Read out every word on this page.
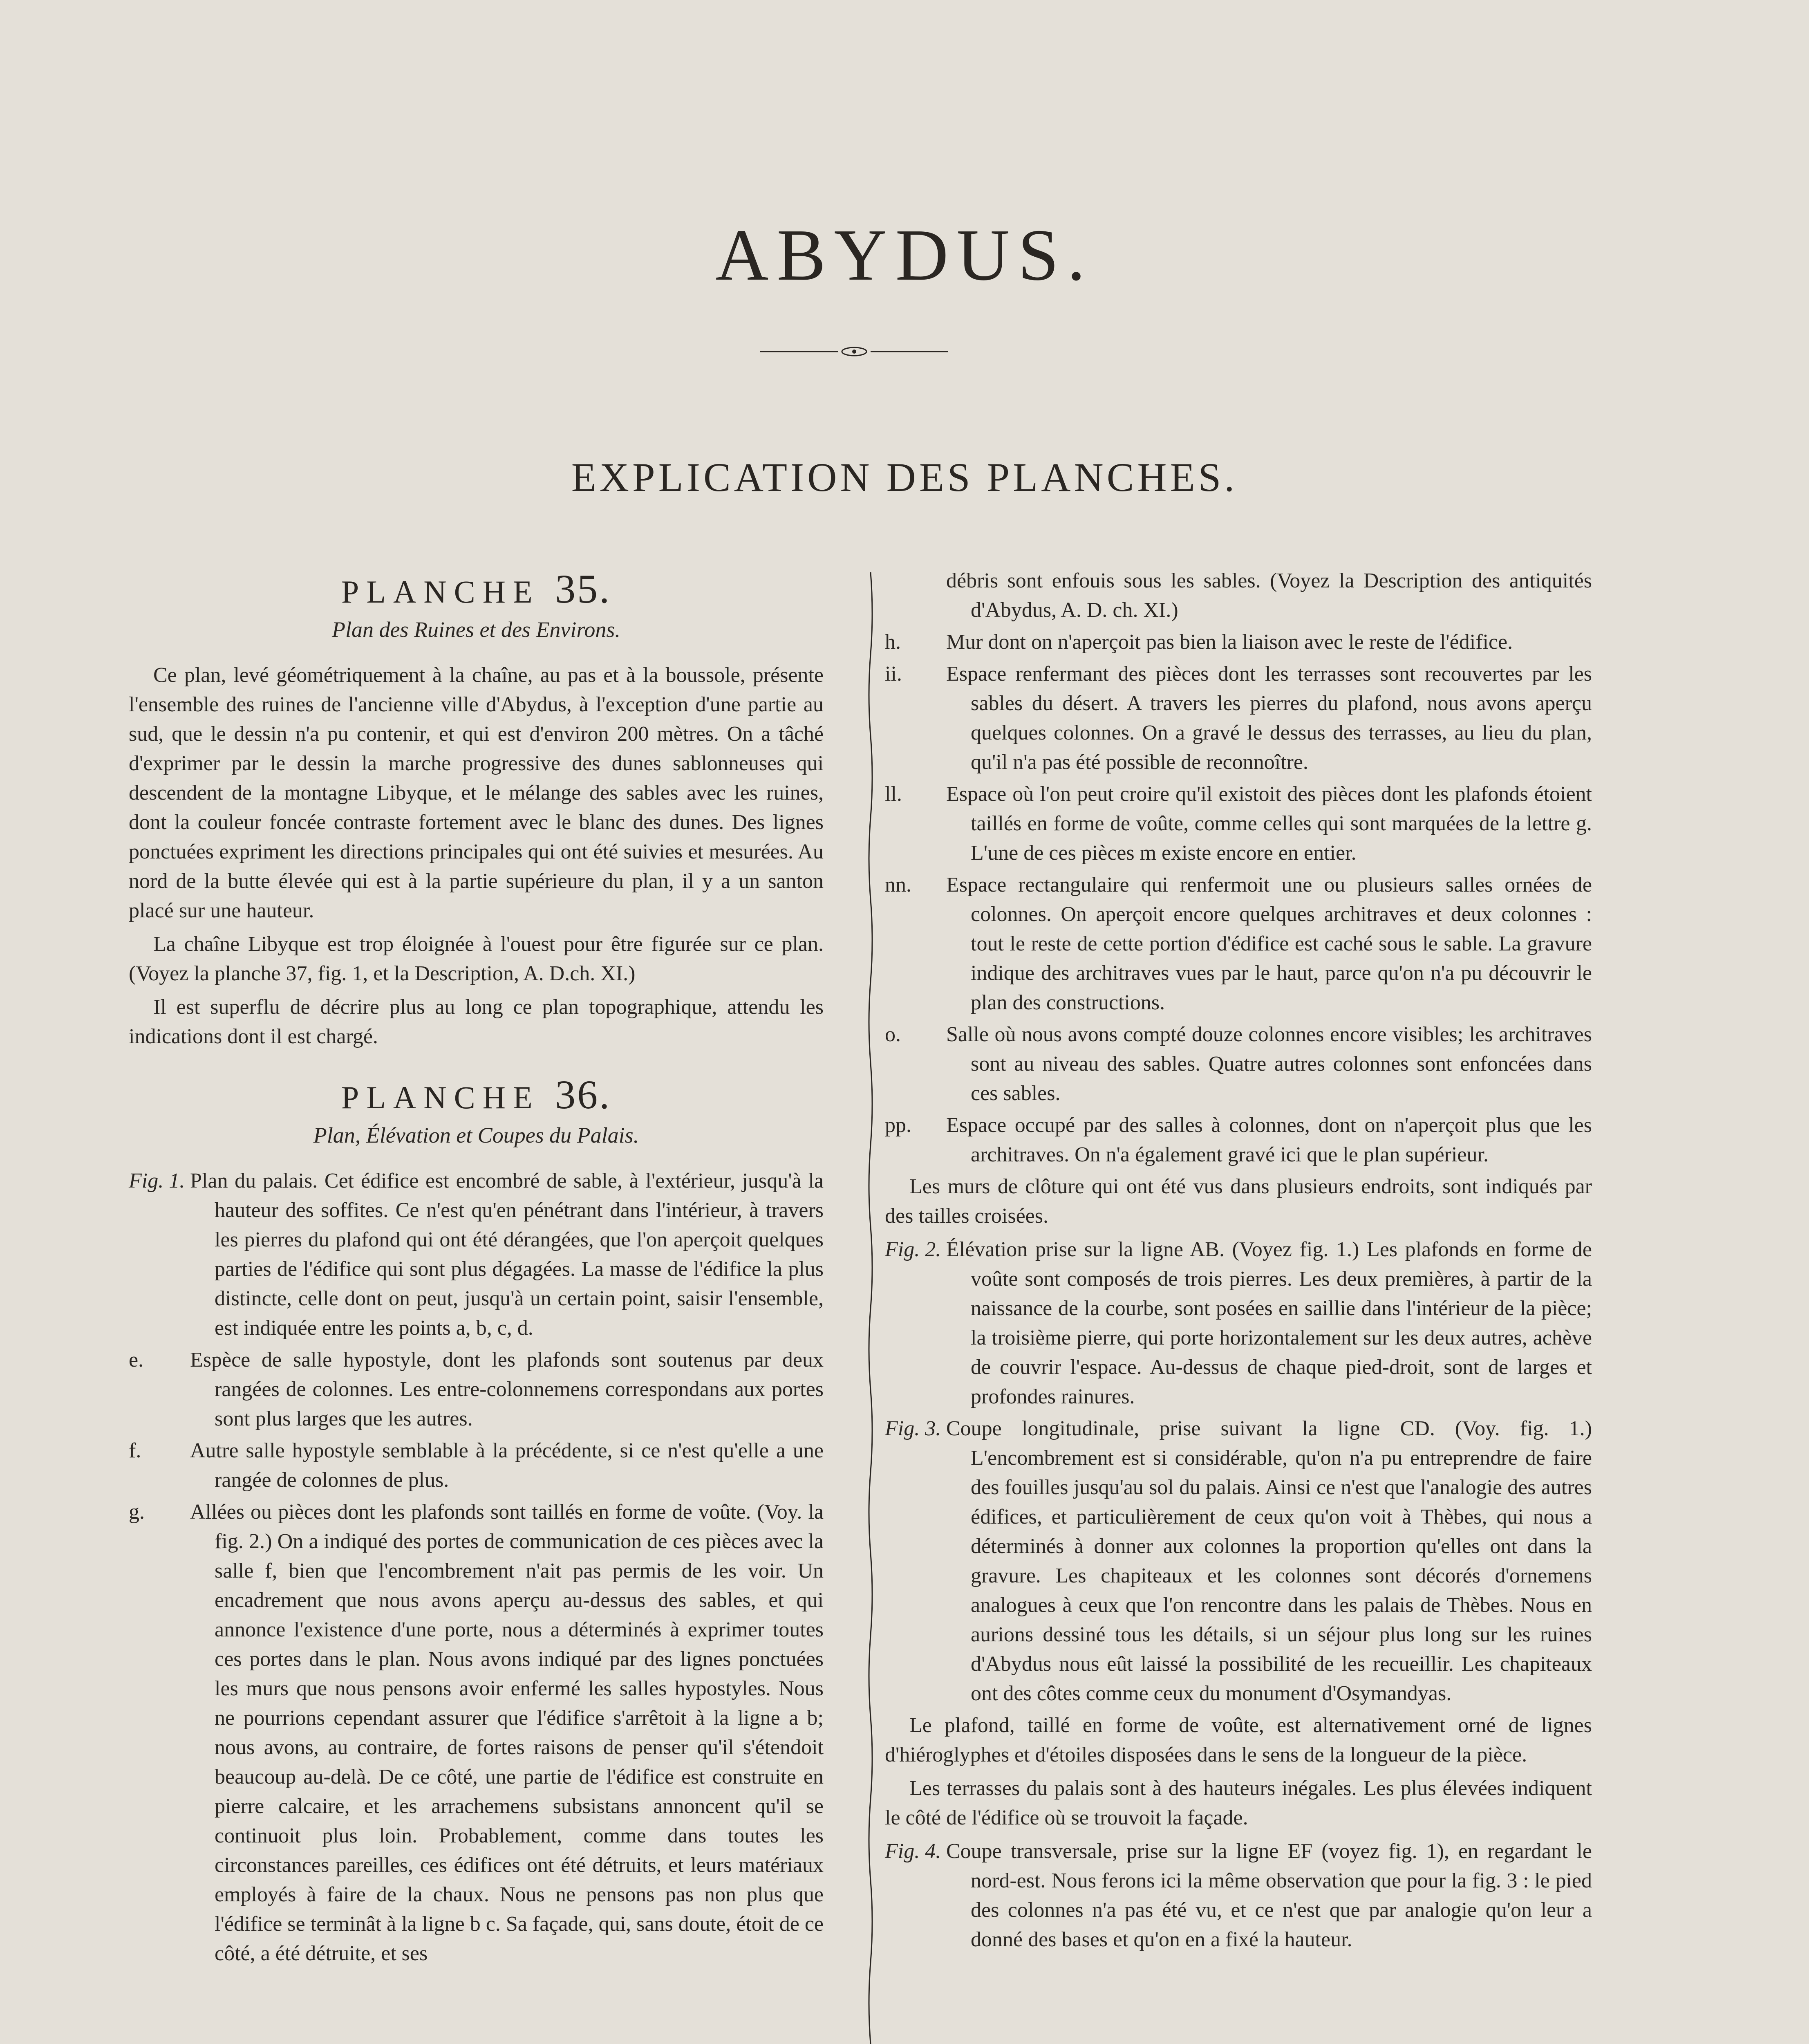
ABYDUS.
EXPLICATION DES PLANCHES.
PLANCHE 35.
Plan des Ruines et des Environs.

Ce plan, levé géométriquement à la chaîne, au pas et à la boussole, présente l'ensemble des ruines de l'ancienne ville d'Abydus, à l'exception d'une partie au sud, que le dessin n'a pu contenir, et qui est d'environ 200 mètres. On a tâché d'exprimer par le dessin la marche progressive des dunes sablonneuses qui descendent de la montagne Libyque, et le mélange des sables avec les ruines, dont la couleur foncée contraste fortement avec le blanc des dunes. Des lignes ponctuées expriment les directions principales qui ont été suivies et mesurées. Au nord de la butte élevée qui est à la partie supérieure du plan, il y a un santon placé sur une hauteur.

La chaîne Libyque est trop éloignée à l'ouest pour être figurée sur ce plan. (Voyez la planche 37, fig. 1, et la Description, A. D.ch. XI.)

Il est superflu de décrire plus au long ce plan topographique, attendu les indications dont il est chargé.

PLANCHE 36.
Plan, Élévation et Coupes du Palais.
Fig. 1. Plan du palais. Cet édifice est encombré de sable, à l'extérieur, jusqu'à la hauteur des soffites. Ce n'est qu'en pénétrant dans l'intérieur, à travers les pierres du plafond qui ont été dérangées, que l'on aperçoit quelques parties de l'édifice qui sont plus dégagées. La masse de l'édifice la plus distincte, celle dont on peut, jusqu'à un certain point, saisir l'ensemble, est indiquée entre les points a, b, c, d.
e. Espèce de salle hypostyle, dont les plafonds sont soutenus par deux rangées de colonnes. Les entre-colonnemens correspondans aux portes sont plus larges que les autres.
f. Autre salle hypostyle semblable à la précédente, si ce n'est qu'elle a une rangée de colonnes de plus.
g. Allées ou pièces dont les plafonds sont taillés en forme de voûte. (Voy. la fig. 2.) On a indiqué des portes de communication de ces pièces avec la salle f, bien que l'encombrement n'ait pas permis de les voir. Un encadrement que nous avons aperçu au-dessus des sables, et qui annonce l'existence d'une porte, nous a déterminés à exprimer toutes ces portes dans le plan. Nous avons indiqué par des lignes ponctuées les murs que nous pensons avoir enfermé les salles hypostyles. Nous ne pourrions cependant assurer que l'édifice s'arrêtoit à la ligne a b; nous avons, au contraire, de fortes raisons de penser qu'il s'étendoit beaucoup au-delà. De ce côté, une partie de l'édifice est construite en pierre calcaire, et les arrachemens subsistans annoncent qu'il se continuoit plus loin. Probablement, comme dans toutes les circonstances pareilles, ces édifices ont été détruits, et leurs matériaux employés à faire de la chaux. Nous ne pensons pas non plus que l'édifice se terminât à la ligne b c. Sa façade, qui, sans doute, étoit de ce côté, a été détruite, et ses
débris sont enfouis sous les sables. (Voyez la Description des antiquités d'Abydus, A. D. ch. XI.)
h. Mur dont on n'aperçoit pas bien la liaison avec le reste de l'édifice.
ii. Espace renfermant des pièces dont les terrasses sont recouvertes par les sables du désert. A travers les pierres du plafond, nous avons aperçu quelques colonnes. On a gravé le dessus des terrasses, au lieu du plan, qu'il n'a pas été possible de reconnoître.
ll. Espace où l'on peut croire qu'il existoit des pièces dont les plafonds étoient taillés en forme de voûte, comme celles qui sont marquées de la lettre g. L'une de ces pièces m existe encore en entier.
nn. Espace rectangulaire qui renfermoit une ou plusieurs salles ornées de colonnes. On aperçoit encore quelques architraves et deux colonnes : tout le reste de cette portion d'édifice est caché sous le sable. La gravure indique des architraves vues par le haut, parce qu'on n'a pu découvrir le plan des constructions.
o. Salle où nous avons compté douze colonnes encore visibles; les architraves sont au niveau des sables. Quatre autres colonnes sont enfoncées dans ces sables.
pp. Espace occupé par des salles à colonnes, dont on n'aperçoit plus que les architraves. On n'a également gravé ici que le plan supérieur.

Les murs de clôture qui ont été vus dans plusieurs endroits, sont indiqués par des tailles croisées.

Fig. 2. Élévation prise sur la ligne AB. (Voyez fig. 1.) Les plafonds en forme de voûte sont composés de trois pierres. Les deux premières, à partir de la naissance de la courbe, sont posées en saillie dans l'intérieur de la pièce; la troisième pierre, qui porte horizontalement sur les deux autres, achève de couvrir l'espace. Au-dessus de chaque pied-droit, sont de larges et profondes rainures.
Fig. 3. Coupe longitudinale, prise suivant la ligne CD. (Voy. fig. 1.) L'encombrement est si considérable, qu'on n'a pu entreprendre de faire des fouilles jusqu'au sol du palais. Ainsi ce n'est que l'analogie des autres édifices, et particulièrement de ceux qu'on voit à Thèbes, qui nous a déterminés à donner aux colonnes la proportion qu'elles ont dans la gravure. Les chapiteaux et les colonnes sont décorés d'ornemens analogues à ceux que l'on rencontre dans les palais de Thèbes. Nous en aurions dessiné tous les détails, si un séjour plus long sur les ruines d'Abydus nous eût laissé la possibilité de les recueillir. Les chapiteaux ont des côtes comme ceux du monument d'Osymandyas.

Le plafond, taillé en forme de voûte, est alternativement orné de lignes d'hiéroglyphes et d'étoiles disposées dans le sens de la longueur de la pièce.

Les terrasses du palais sont à des hauteurs inégales. Les plus élevées indiquent le côté de l'édifice où se trouvoit la façade.

Fig. 4. Coupe transversale, prise sur la ligne EF (voyez fig. 1), en regardant le nord-est. Nous ferons ici la même observation que pour la fig. 3 : le pied des colonnes n'a pas été vu, et ce n'est que par analogie qu'on leur a donné des bases et qu'on en a fixé la hauteur.
